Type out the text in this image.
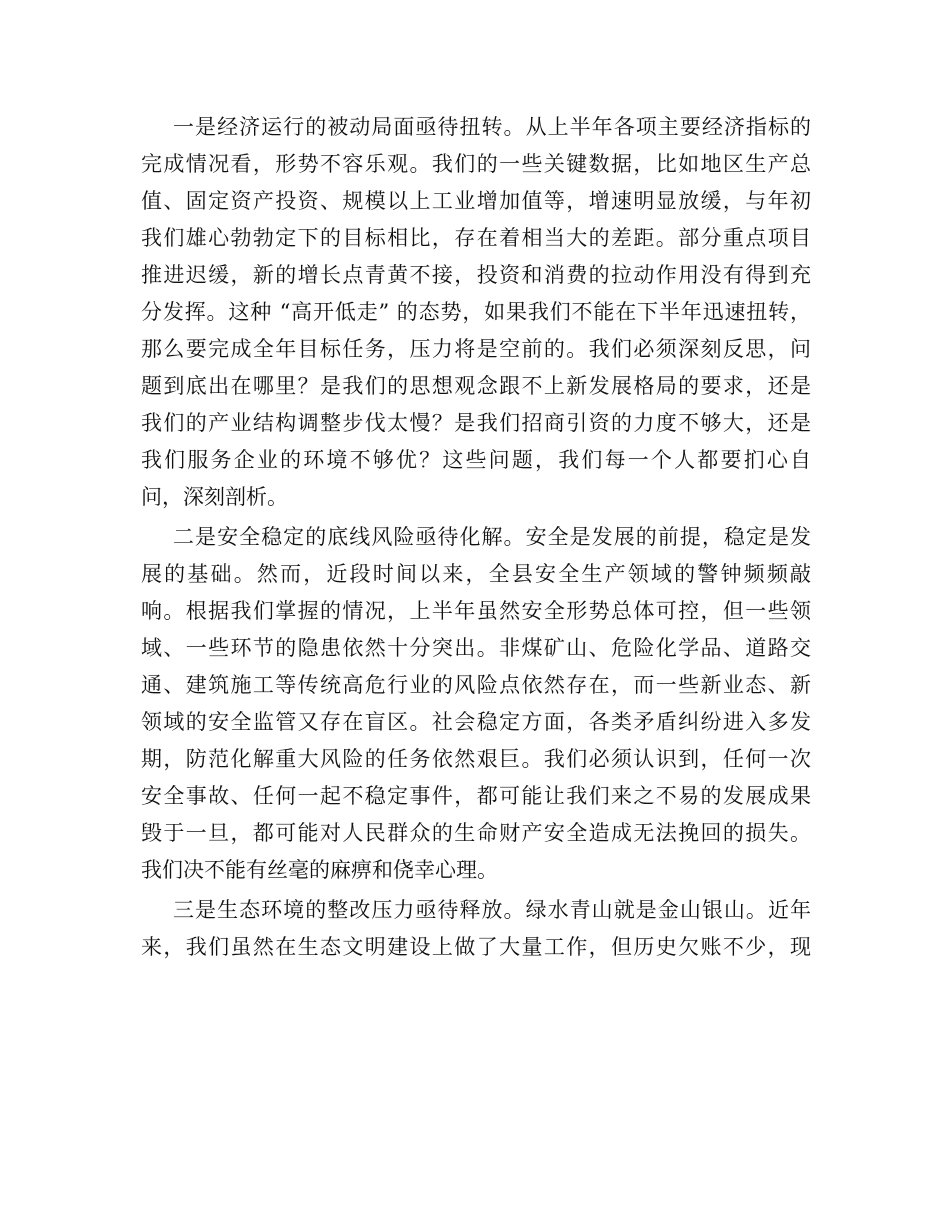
一是经济运行的被动局面亟待扭转。从上半年各项主要经济指标的
完成情况看，形势不容乐观。我们的一些关键数据，比如地区生产总
值、固定资产投资、规模以上工业增加值等，增速明显放缓，与年初
我们雄心勃勃定下的目标相比，存在着相当大的差距。部分重点项目
推进迟缓，新的增长点青黄不接，投资和消费的拉动作用没有得到充
分发挥。这种 “高开低走” 的态势，如果我们不能在下半年迅速扭转，
那么要完成全年目标任务，压力将是空前的。我们必须深刻反思，问
题到底出在哪里？是我们的思想观念跟不上新发展格局的要求，还是
我们的产业结构调整步伐太慢？是我们招商引资的力度不够大，还是
我们服务企业的环境不够优？这些问题，我们每一个人都要扪心自
问，深刻剖析。
二是安全稳定的底线风险亟待化解。安全是发展的前提，稳定是发
展的基础。然而，近段时间以来，全县安全生产领域的警钟频频敲
响。根据我们掌握的情况，上半年虽然安全形势总体可控，但一些领
域、一些环节的隐患依然十分突出。非煤矿山、危险化学品、道路交
通、建筑施工等传统高危行业的风险点依然存在，而一些新业态、新
领域的安全监管又存在盲区。社会稳定方面，各类矛盾纠纷进入多发
期，防范化解重大风险的任务依然艰巨。我们必须认识到，任何一次
安全事故、任何一起不稳定事件，都可能让我们来之不易的发展成果
毁于一旦，都可能对人民群众的生命财产安全造成无法挽回的损失。
我们决不能有丝毫的麻痹和侥幸心理。
三是生态环境的整改压力亟待释放。绿水青山就是金山银山。近年
来，我们虽然在生态文明建设上做了大量工作，但历史欠账不少，现
